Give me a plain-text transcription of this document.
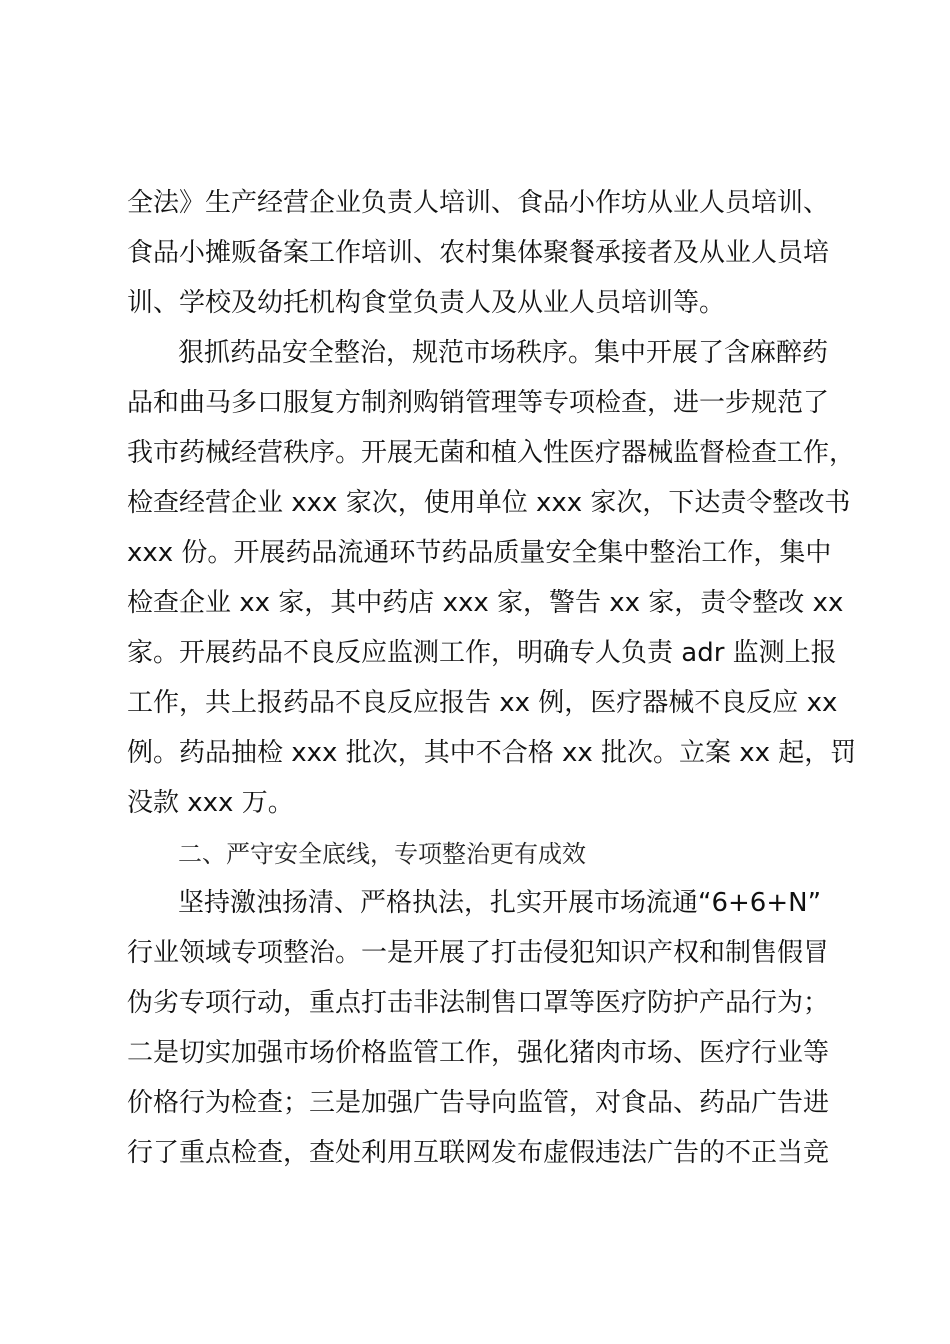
全法》生产经营企业负责人培训、食品小作坊从业人员培训、
食品小摊贩备案工作培训、农村集体聚餐承接者及从业人员培
训、学校及幼托机构食堂负责人及从业人员培训等。
狠抓药品安全整治，规范市场秩序。集中开展了含麻醉药
品和曲马多口服复方制剂购销管理等专项检查，进一步规范了
我市药械经营秩序。开展无菌和植入性医疗器械监督检查工作，
检查经营企业 xxx 家次，使用单位 xxx 家次，下达责令整改书
xxx 份。开展药品流通环节药品质量安全集中整治工作，集中
检查企业 xx 家，其中药店 xxx 家，警告 xx 家，责令整改 xx
家。开展药品不良反应监测工作，明确专人负责 adr 监测上报
工作，共上报药品不良反应报告 xx 例，医疗器械不良反应 xx
例。药品抽检 xxx 批次，其中不合格 xx 批次。立案 xx 起，罚
没款 xxx 万。
二、严守安全底线，专项整治更有成效
坚持激浊扬清、严格执法，扎实开展市场流通“6+6+N”
行业领域专项整治。一是开展了打击侵犯知识产权和制售假冒
伪劣专项行动，重点打击非法制售口罩等医疗防护产品行为；
二是切实加强市场价格监管工作，强化猪肉市场、医疗行业等
价格行为检查；三是加强广告导向监管，对食品、药品广告进
行了重点检查，查处利用互联网发布虚假违法广告的不正当竞
